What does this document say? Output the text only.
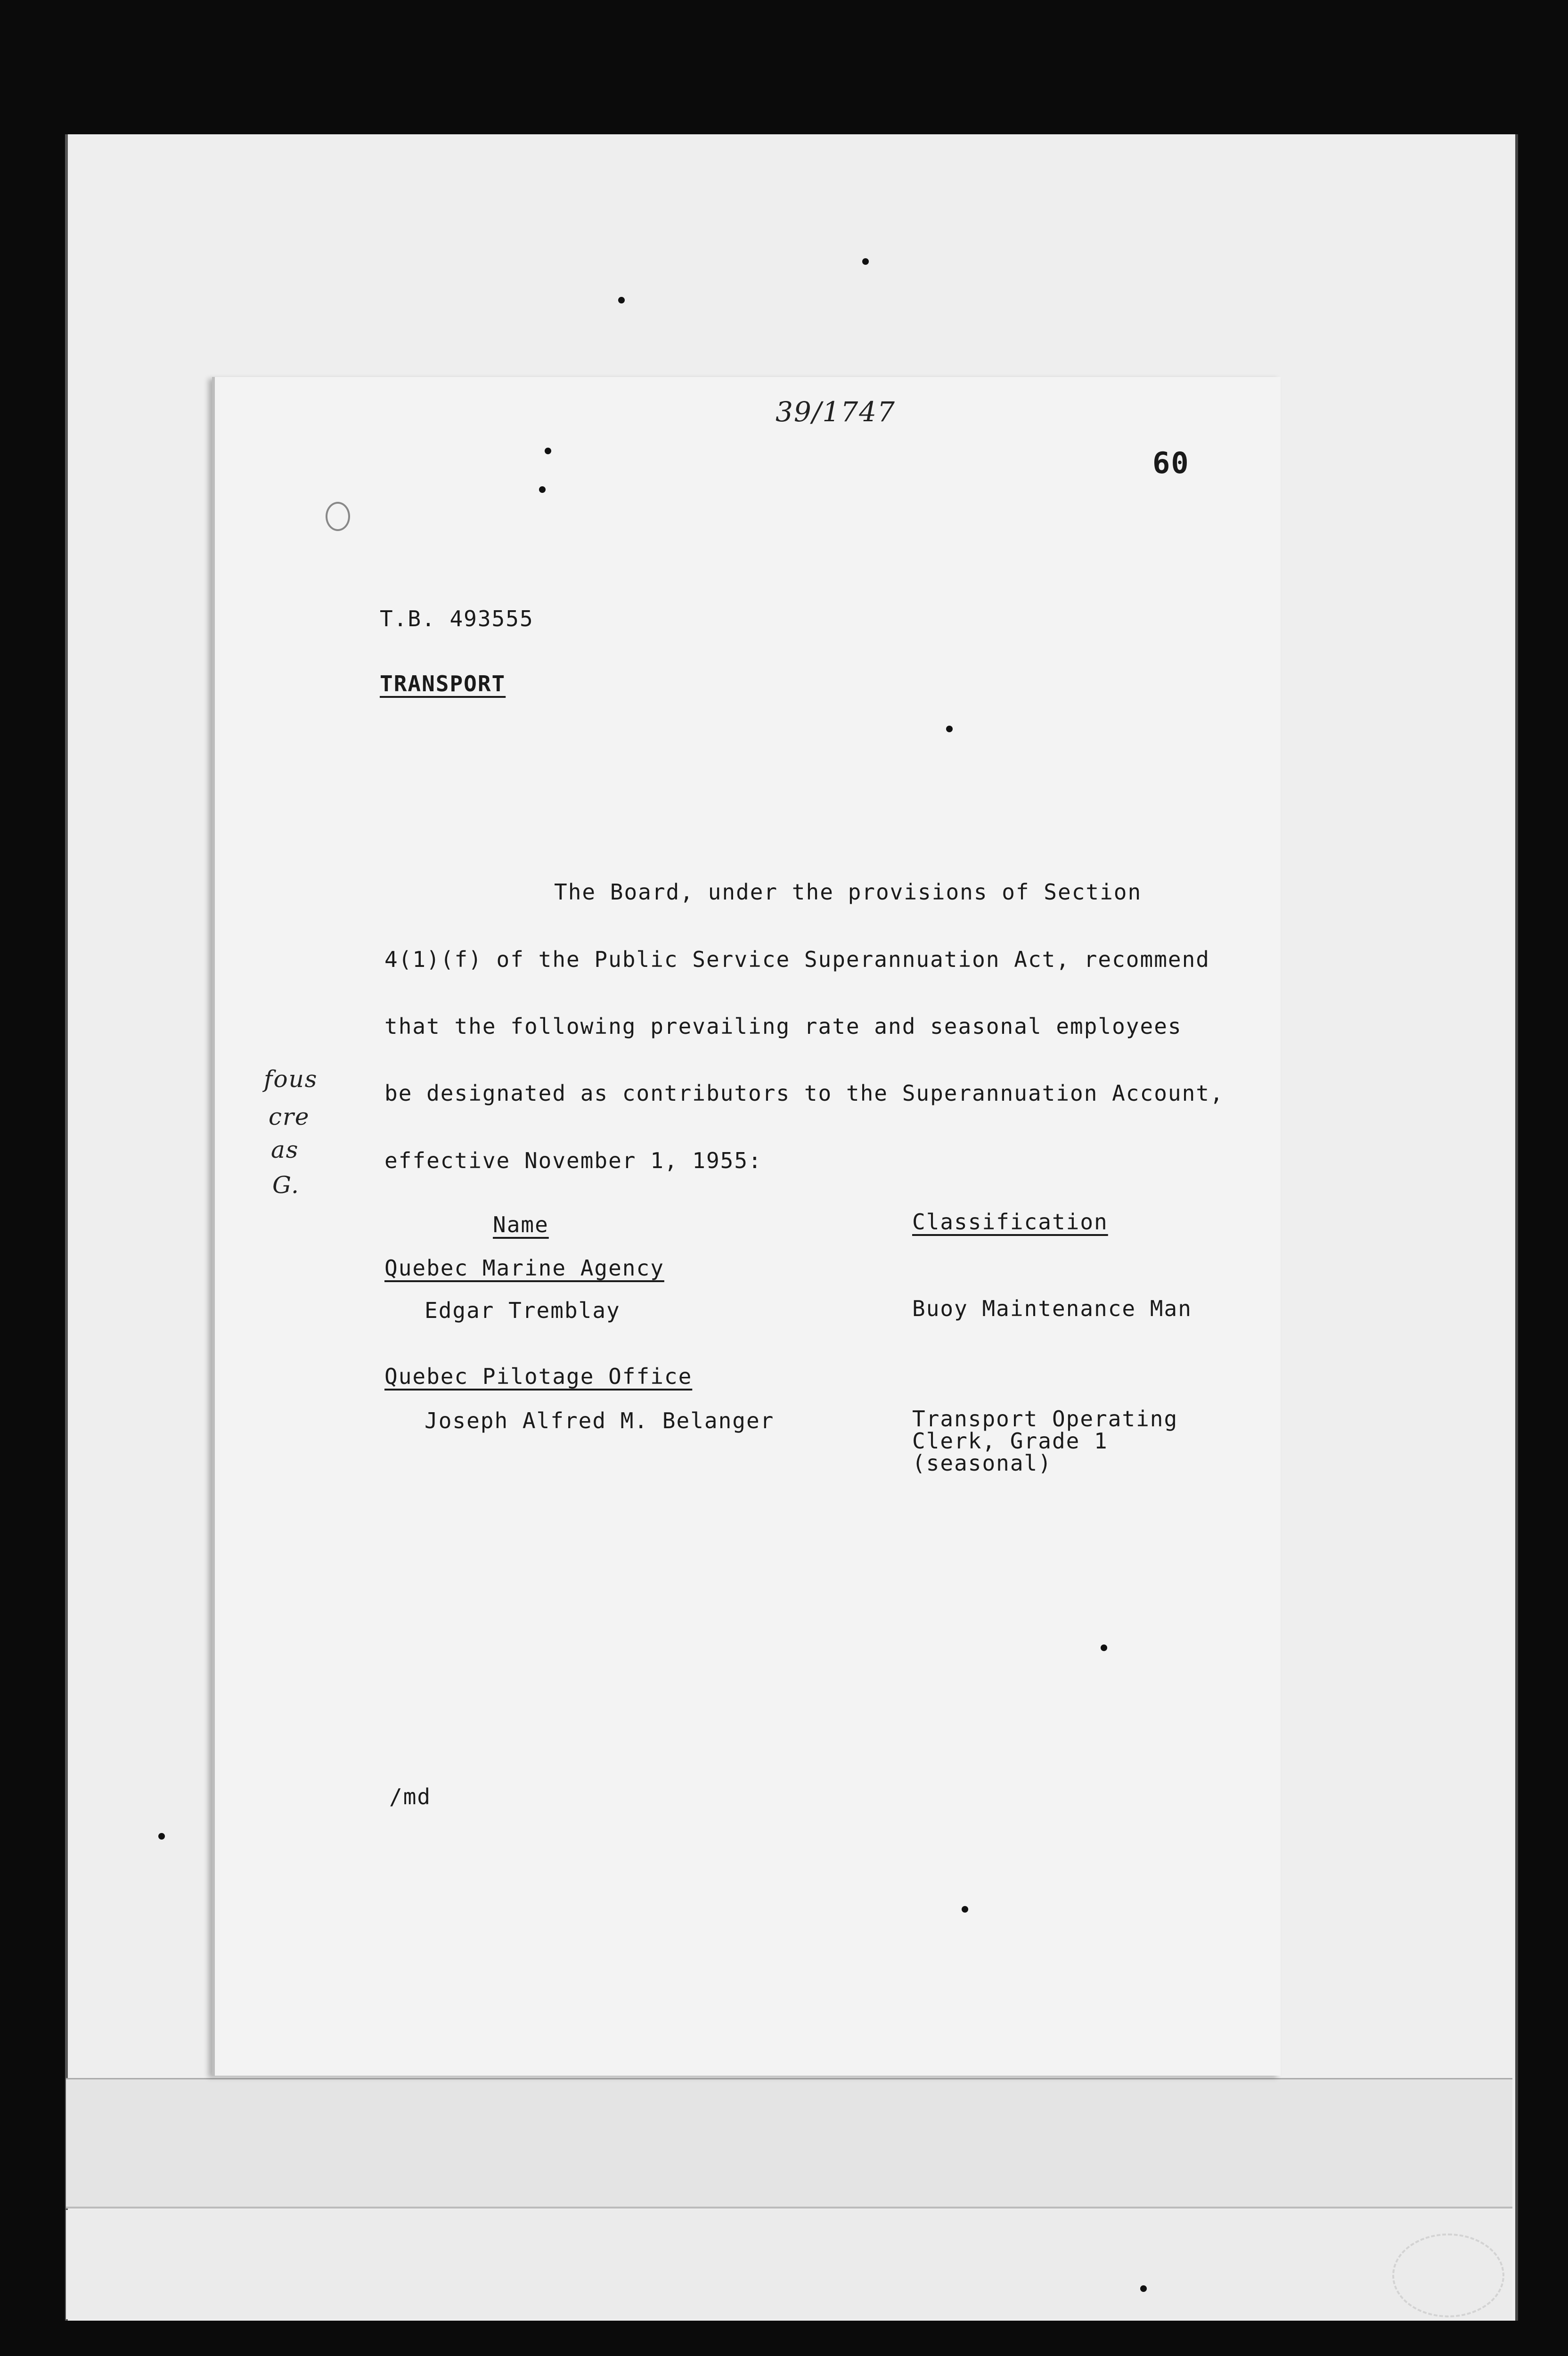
39/1747
60
T.B. 493555
TRANSPORT
The Board, under the provisions of Section
4(1)(f) of the Public Service Superannuation Act, recommend
that the following prevailing rate and seasonal employees
be designated as contributors to the Superannuation Account,
effective November 1, 1955:
Name	Classification
Quebec Marine Agency
Edgar Tremblay	Buoy Maintenance Man
Quebec Pilotage Office
Joseph Alfred M. Belanger	Transport Operating
Clerk, Grade 1
(seasonal)
/md
fous
cre
as
G.
